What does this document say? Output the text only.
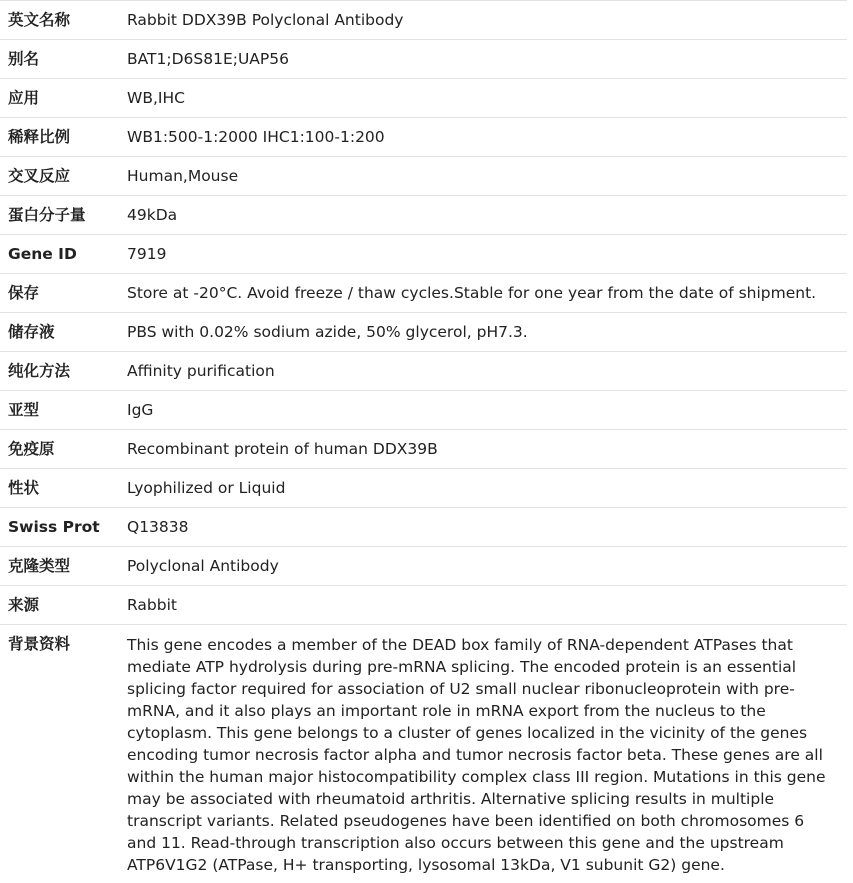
英文名称	Rabbit DDX39B Polyclonal Antibody
别名	BAT1;D6S81E;UAP56
应用	WB,IHC
稀释比例	WB1:500-1:2000 IHC1:100-1:200
交叉反应	Human,Mouse
蛋白分子量	49kDa
Gene ID	7919
保存	Store at -20°C. Avoid freeze / thaw cycles.Stable for one year from the date of shipment.
储存液	PBS with 0.02% sodium azide, 50% glycerol, pH7.3.
纯化方法	Affinity purification
亚型	IgG
免疫原	Recombinant protein of human DDX39B
性状	Lyophilized or Liquid
Swiss Prot	Q13838
克隆类型	Polyclonal Antibody
来源	Rabbit
背景资料	This gene encodes a member of the DEAD box family of RNA-dependent ATPases that mediate ATP hydrolysis during pre-mRNA splicing. The encoded protein is an essential splicing factor required for association of U2 small nuclear ribonucleoprotein with pre-mRNA, and it also plays an important role in mRNA export from the nucleus to the cytoplasm. This gene belongs to a cluster of genes localized in the vicinity of the genes encoding tumor necrosis factor alpha and tumor necrosis factor beta. These genes are all within the human major histocompatibility complex class III region. Mutations in this gene may be associated with rheumatoid arthritis. Alternative splicing results in multiple transcript variants. Related pseudogenes have been identified on both chromosomes 6 and 11. Read-through transcription also occurs between this gene and the upstream ATP6V1G2 (ATPase, H+ transporting, lysosomal 13kDa, V1 subunit G2) gene.
